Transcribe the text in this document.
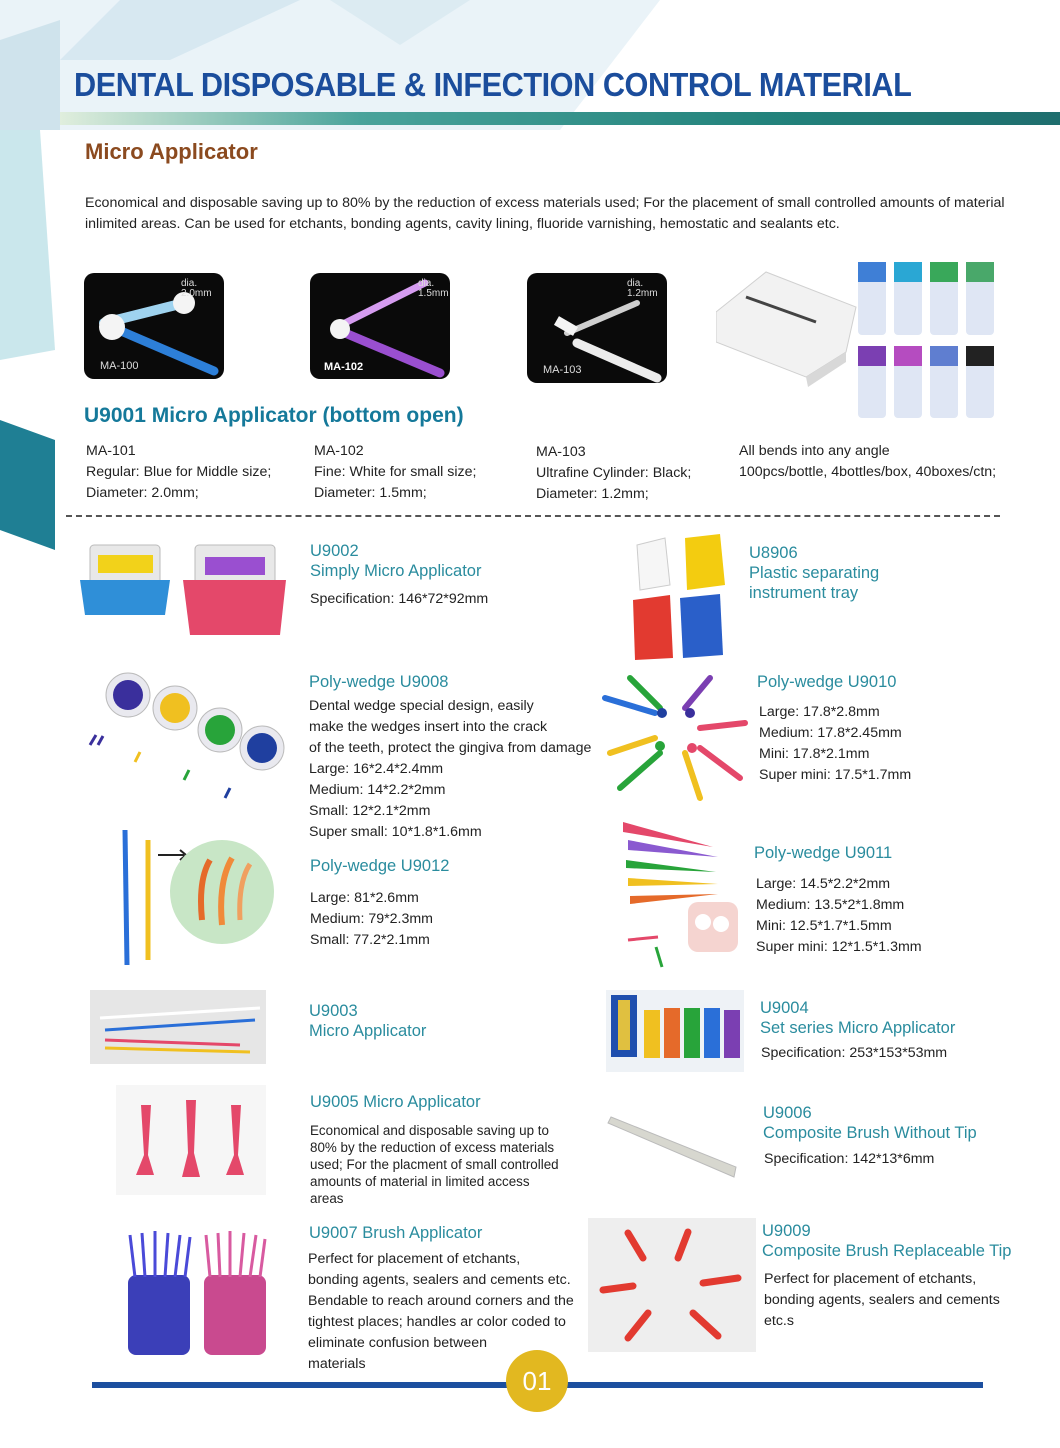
DENTAL DISPOSABLE & INFECTION CONTROL MATERIAL
Micro Applicator
Economical and disposable saving up to 80% by the reduction of excess materials used; For the placement of small controlled amounts of material inlimited areas. Can be used for etchants, bonding agents, cavity lining, fluoride varnishing, hemostatic and sealants etc.
dia.
2.0mm
MA-100
dia.
1.5mm
MA-102
dia.
1.2mm
MA-103
U9001 Micro Applicator (bottom open)
MA-101
Regular: Blue for Middle size;
Diameter: 2.0mm;
MA-102
Fine: White for small size;
Diameter: 1.5mm;
MA-103
Ultrafine Cylinder: Black;
Diameter: 1.2mm;
All bends into any angle
100pcs/bottle, 4bottles/box, 40boxes/ctn;
U9002
Simply Micro Applicator
Specification: 146*72*92mm
U8906
Plastic separating
instrument tray
Poly-wedge U9008
Dental wedge special design, easily
make the wedges insert into the crack
of the teeth, protect the gingiva from damage
Large: 16*2.4*2.4mm
Medium: 14*2.2*2mm
Small: 12*2.1*2mm
Super small: 10*1.8*1.6mm
Poly-wedge U9010
Large: 17.8*2.8mm
Medium: 17.8*2.45mm
Mini: 17.8*2.1mm
Super mini: 17.5*1.7mm
Poly-wedge U9012
Large: 81*2.6mm
Medium: 79*2.3mm
Small: 77.2*2.1mm
Poly-wedge U9011
Large: 14.5*2.2*2mm
Medium: 13.5*2*1.8mm
Mini: 12.5*1.7*1.5mm
Super mini: 12*1.5*1.3mm
U9003
Micro Applicator
U9004
Set series Micro Applicator
Specification: 253*153*53mm
U9005 Micro Applicator
Economical and disposable saving up to
80% by the reduction of excess materials
used; For the placment of small controlled
amounts of material in limited access
areas
U9006
Composite Brush Without Tip
Specification: 142*13*6mm
U9007 Brush Applicator
Perfect for placement of etchants,
bonding agents, sealers and cements etc.
Bendable to reach around corners and the
tightest places; handles ar color coded to
eliminate confusion between
materials
U9009
Composite Brush Replaceable Tip
Perfect for placement of etchants,
bonding agents, sealers and cements
etc.s
01
